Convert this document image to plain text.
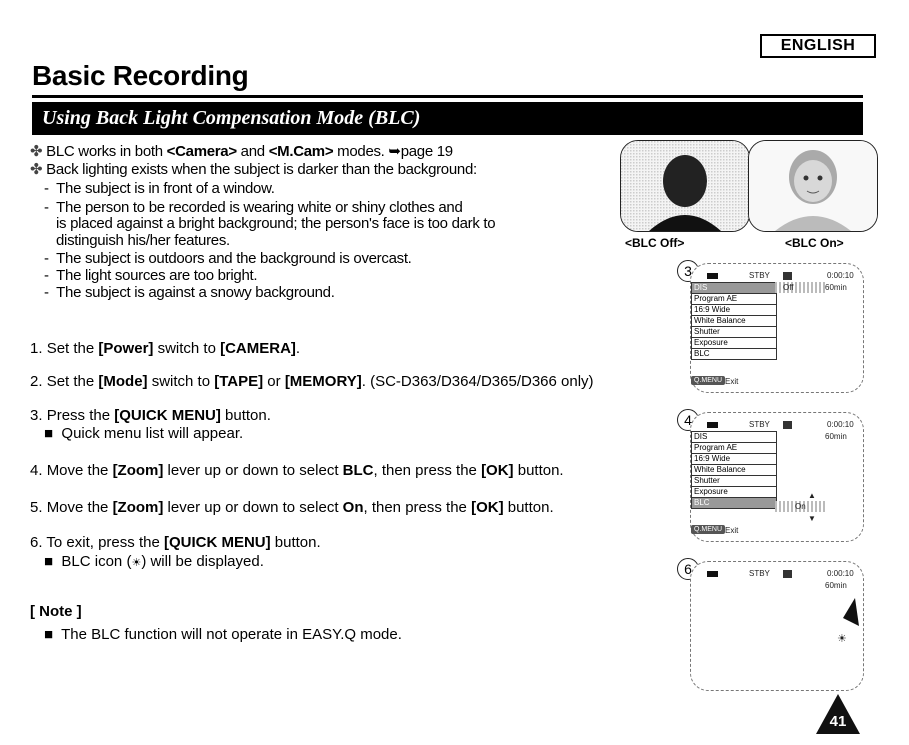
ENGLISH
Basic Recording
Using Back Light Compensation Mode (BLC)
✤ BLC works in both <Camera> and <M.Cam> modes. ➥page 19
✤ Back lighting exists when the subject is darker than the background:
-  The subject is in front of a window.
-  The person to be recorded is wearing white or shiny clothes and
is placed against a bright background; the person's face is too dark to
distinguish his/her features.
-  The subject is outdoors and the background is overcast.
-  The light sources are too bright.
-  The subject is against a snowy background.
1. Set the [Power] switch to [CAMERA].
2. Set the [Mode] switch to [TAPE] or [MEMORY]. (SC-D363/D364/D365/D366 only)
3. Press the [QUICK MENU] button.
■ Quick menu list will appear.
4. Move the [Zoom] lever up or down to select BLC, then press the [OK] button.
5. Move the [Zoom] lever up or down to select On, then press the [OK] button.
6. To exit, press the [QUICK MENU] button.
■ BLC icon (☀) will be displayed.
[ Note ]
■ The BLC function will not operate in EASY.Q mode.
<BLC Off>	<BLC On>
3	STBY	0:00:10
60min
DIS
Program AE
16:9 Wide
White Balance
Shutter
Exposure
BLC
Off
Q.MENU Exit
4	STBY	0:00:10
60min
DIS
Program AE
16:9 Wide
White Balance
Shutter
Exposure
BLC	On
▲
▼
Q.MENU Exit
6	STBY	0:00:10
60min
☀
41
